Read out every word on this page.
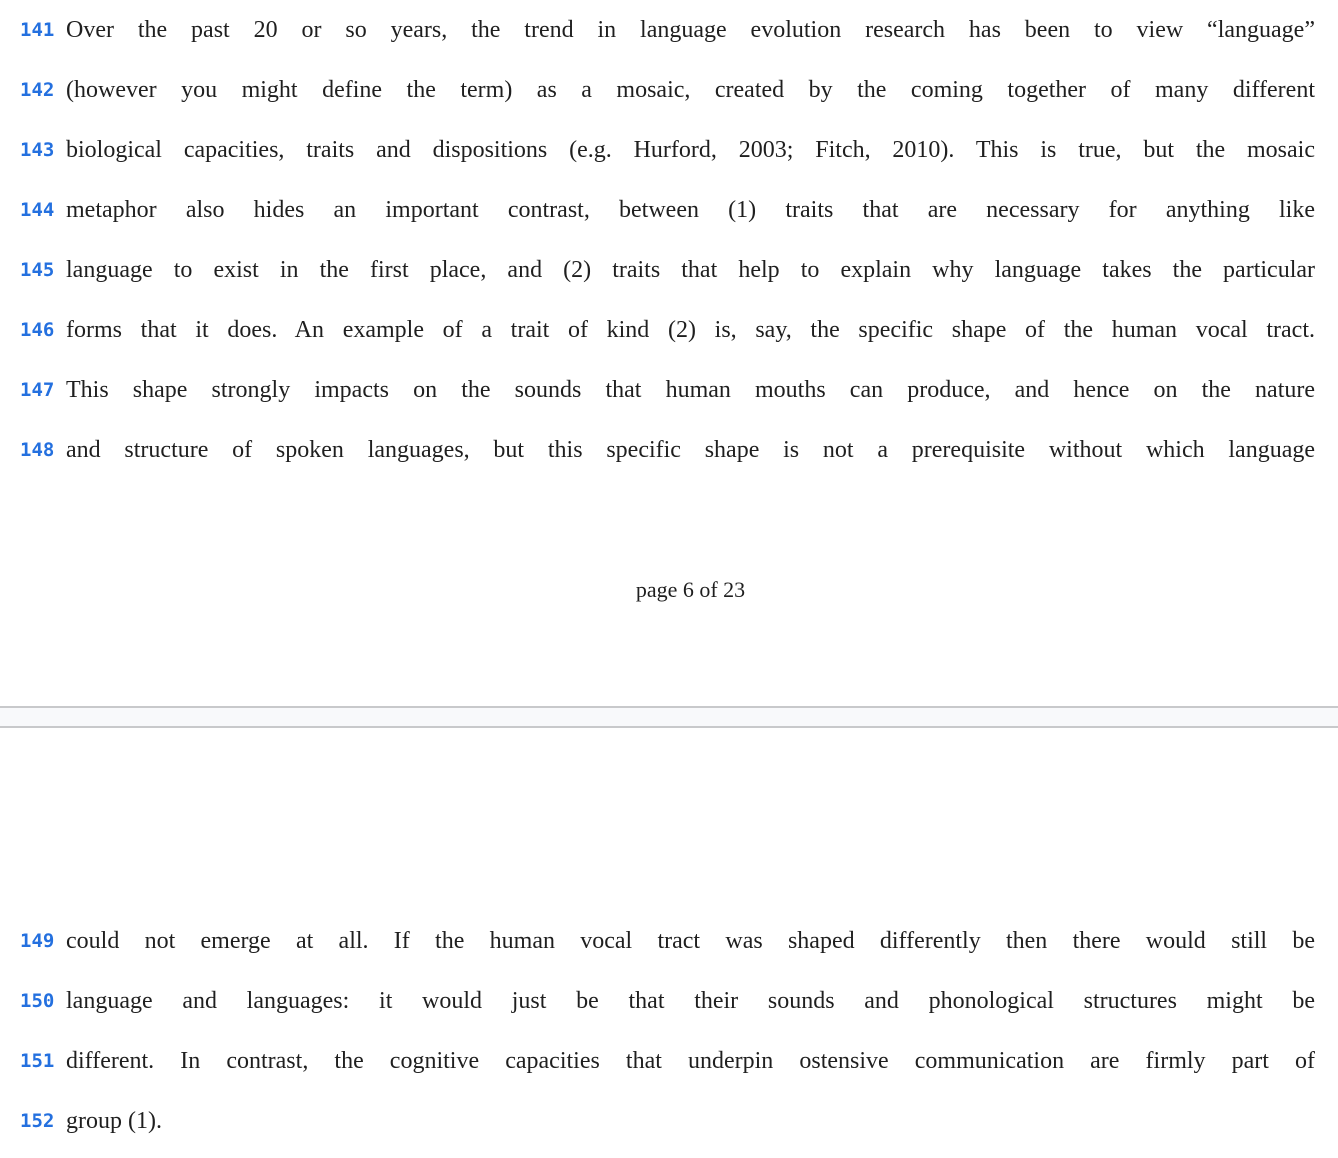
141 Over the past 20 or so years, the trend in language evolution research has been to view “language”
142 (however you might define the term) as a mosaic, created by the coming together of many different
143 biological capacities, traits and dispositions (e.g. Hurford, 2003; Fitch, 2010). This is true, but the mosaic
144 metaphor also hides an important contrast, between (1) traits that are necessary for anything like
145 language to exist in the first place, and (2) traits that help to explain why language takes the particular
146 forms that it does. An example of a trait of kind (2) is, say, the specific shape of the human vocal tract.
147 This shape strongly impacts on the sounds that human mouths can produce, and hence on the nature
148 and structure of spoken languages, but this specific shape is not a prerequisite without which language
page 6 of 23
149 could not emerge at all. If the human vocal tract was shaped differently then there would still be
150 language and languages: it would just be that their sounds and phonological structures might be
151 different. In contrast, the cognitive capacities that underpin ostensive communication are firmly part of
152 group (1).
